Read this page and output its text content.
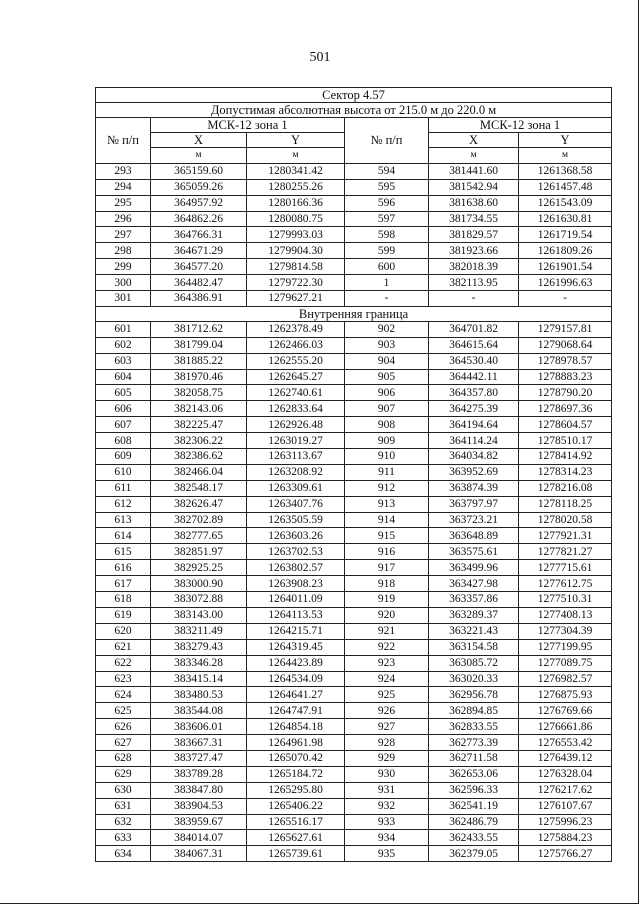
501
Сектор 4.57					
Допустимая абсолютная высота от 215.0 м до 220.0 м					
№ п/п	МСК-12 зона 1		№ п/п	МСК-12 зона 1	
	X	Y		X	Y
	м	м		м	м
293	365159.60	1280341.42	594	381441.60	1261368.58
294	365059.26	1280255.26	595	381542.94	1261457.48
295	364957.92	1280166.36	596	381638.60	1261543.09
296	364862.26	1280080.75	597	381734.55	1261630.81
297	364766.31	1279993.03	598	381829.57	1261719.54
298	364671.29	1279904.30	599	381923.66	1261809.26
299	364577.20	1279814.58	600	382018.39	1261901.54
300	364482.47	1279722.30	1	382113.95	1261996.63
301	364386.91	1279627.21	-	-	-
Внутренняя граница					
601	381712.62	1262378.49	902	364701.82	1279157.81
602	381799.04	1262466.03	903	364615.64	1279068.64
603	381885.22	1262555.20	904	364530.40	1278978.57
604	381970.46	1262645.27	905	364442.11	1278883.23
605	382058.75	1262740.61	906	364357.80	1278790.20
606	382143.06	1262833.64	907	364275.39	1278697.36
607	382225.47	1262926.48	908	364194.64	1278604.57
608	382306.22	1263019.27	909	364114.24	1278510.17
609	382386.62	1263113.67	910	364034.82	1278414.92
610	382466.04	1263208.92	911	363952.69	1278314.23
611	382548.17	1263309.61	912	363874.39	1278216.08
612	382626.47	1263407.76	913	363797.97	1278118.25
613	382702.89	1263505.59	914	363723.21	1278020.58
614	382777.65	1263603.26	915	363648.89	1277921.31
615	382851.97	1263702.53	916	363575.61	1277821.27
616	382925.25	1263802.57	917	363499.96	1277715.61
617	383000.90	1263908.23	918	363427.98	1277612.75
618	383072.88	1264011.09	919	363357.86	1277510.31
619	383143.00	1264113.53	920	363289.37	1277408.13
620	383211.49	1264215.71	921	363221.43	1277304.39
621	383279.43	1264319.45	922	363154.58	1277199.95
622	383346.28	1264423.89	923	363085.72	1277089.75
623	383415.14	1264534.09	924	363020.33	1276982.57
624	383480.53	1264641.27	925	362956.78	1276875.93
625	383544.08	1264747.91	926	362894.85	1276769.66
626	383606.01	1264854.18	927	362833.55	1276661.86
627	383667.31	1264961.98	928	362773.39	1276553.42
628	383727.47	1265070.42	929	362711.58	1276439.12
629	383789.28	1265184.72	930	362653.06	1276328.04
630	383847.80	1265295.80	931	362596.33	1276217.62
631	383904.53	1265406.22	932	362541.19	1276107.67
632	383959.67	1265516.17	933	362486.79	1275996.23
633	384014.07	1265627.61	934	362433.55	1275884.23
634	384067.31	1265739.61	935	362379.05	1275766.27
